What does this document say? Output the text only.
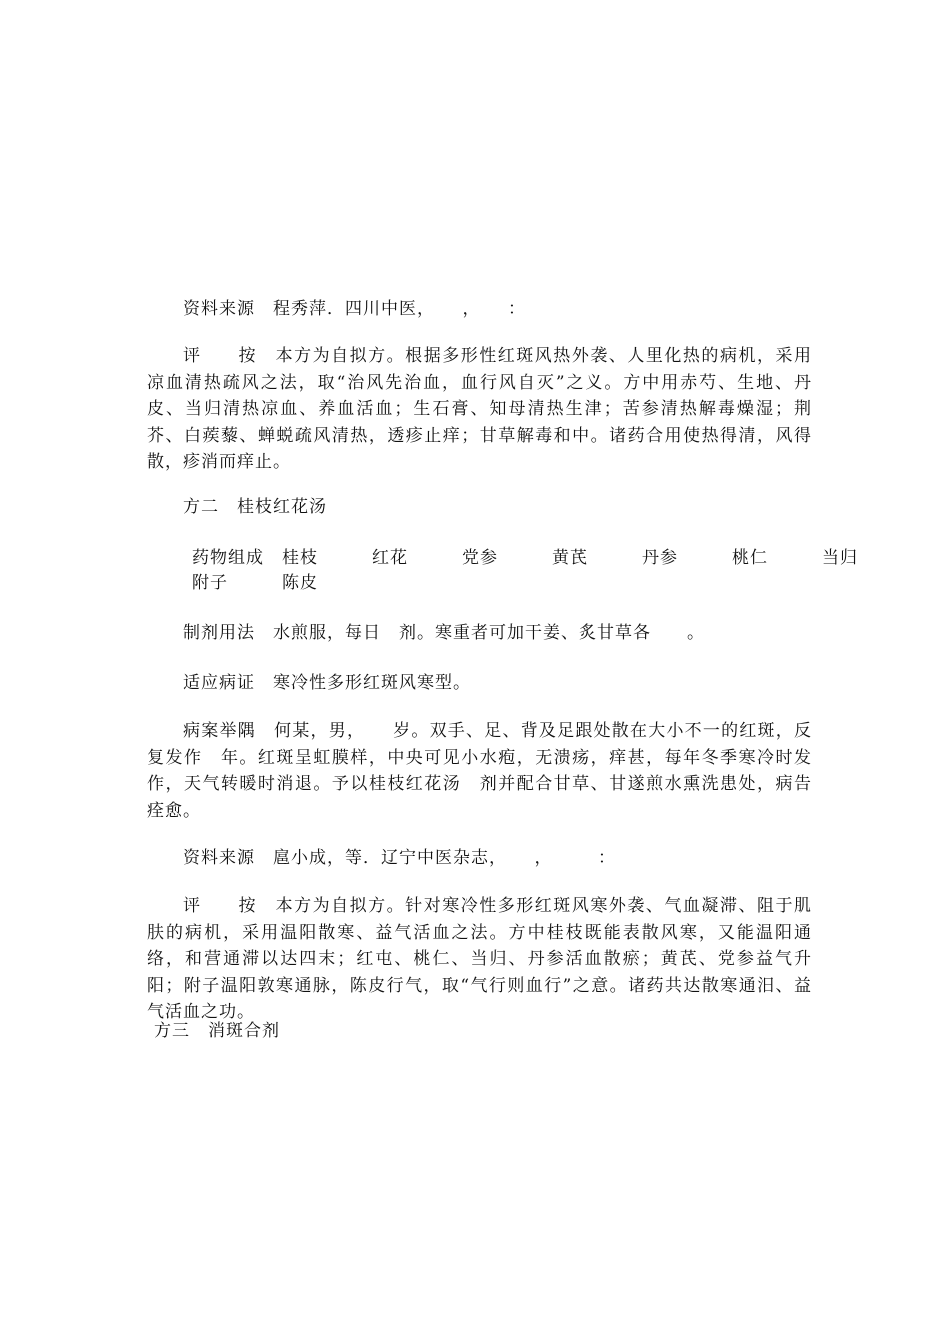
资料来源　程秀萍．四川中医，　　，　　：
评　　按　本方为自拟方。根据多形性红斑风热外袭、人里化热的病机，采用凉血清热疏风之法，取“治风先治血，血行风自灭”之义。方中用赤芍、生地、丹皮、当归清热凉血、养血活血；生石膏、知母清热生津；苦参清热解毒燥湿；荆芥、白蒺藜、蝉蜕疏风清热，透疹止痒；甘草解毒和中。诸药合用使热得清，风得散，疹消而痒止。
方二　桂枝红花汤
药物组成　桂枝　　　红花　　　党参　　　黄芪　　　丹参　　　桃仁　　　当归
附子　　　陈皮
制剂用法　水煎服，每日　剂。寒重者可加干姜、炙甘草各　　。
适应病证　寒冷性多形红斑风寒型。
病案举隅　何某，男，　　岁。双手、足、背及足跟处散在大小不一的红斑，反复发作　年。红斑呈虹膜样，中央可见小水疱，无溃疡，痒甚，每年冬季寒冷时发作，天气转暖时消退。予以桂枝红花汤　剂并配合甘草、甘遂煎水熏洗患处，病告痊愈。
资料来源　扈小成，等．辽宁中医杂志，　　，　　　：
评　　按　本方为自拟方。针对寒冷性多形红斑风寒外袭、气血凝滞、阻于肌肤的病机，采用温阳散寒、益气活血之法。方中桂枝既能表散风寒，又能温阳通络，和营通滞以达四末；红屯、桃仁、当归、丹参活血散瘀；黄芪、党参益气升阳；附子温阳敦寒通脉，陈皮行气，取“气行则血行”之意。诸药共达散寒通汨、益气活血之功。
方三　消斑合剂
